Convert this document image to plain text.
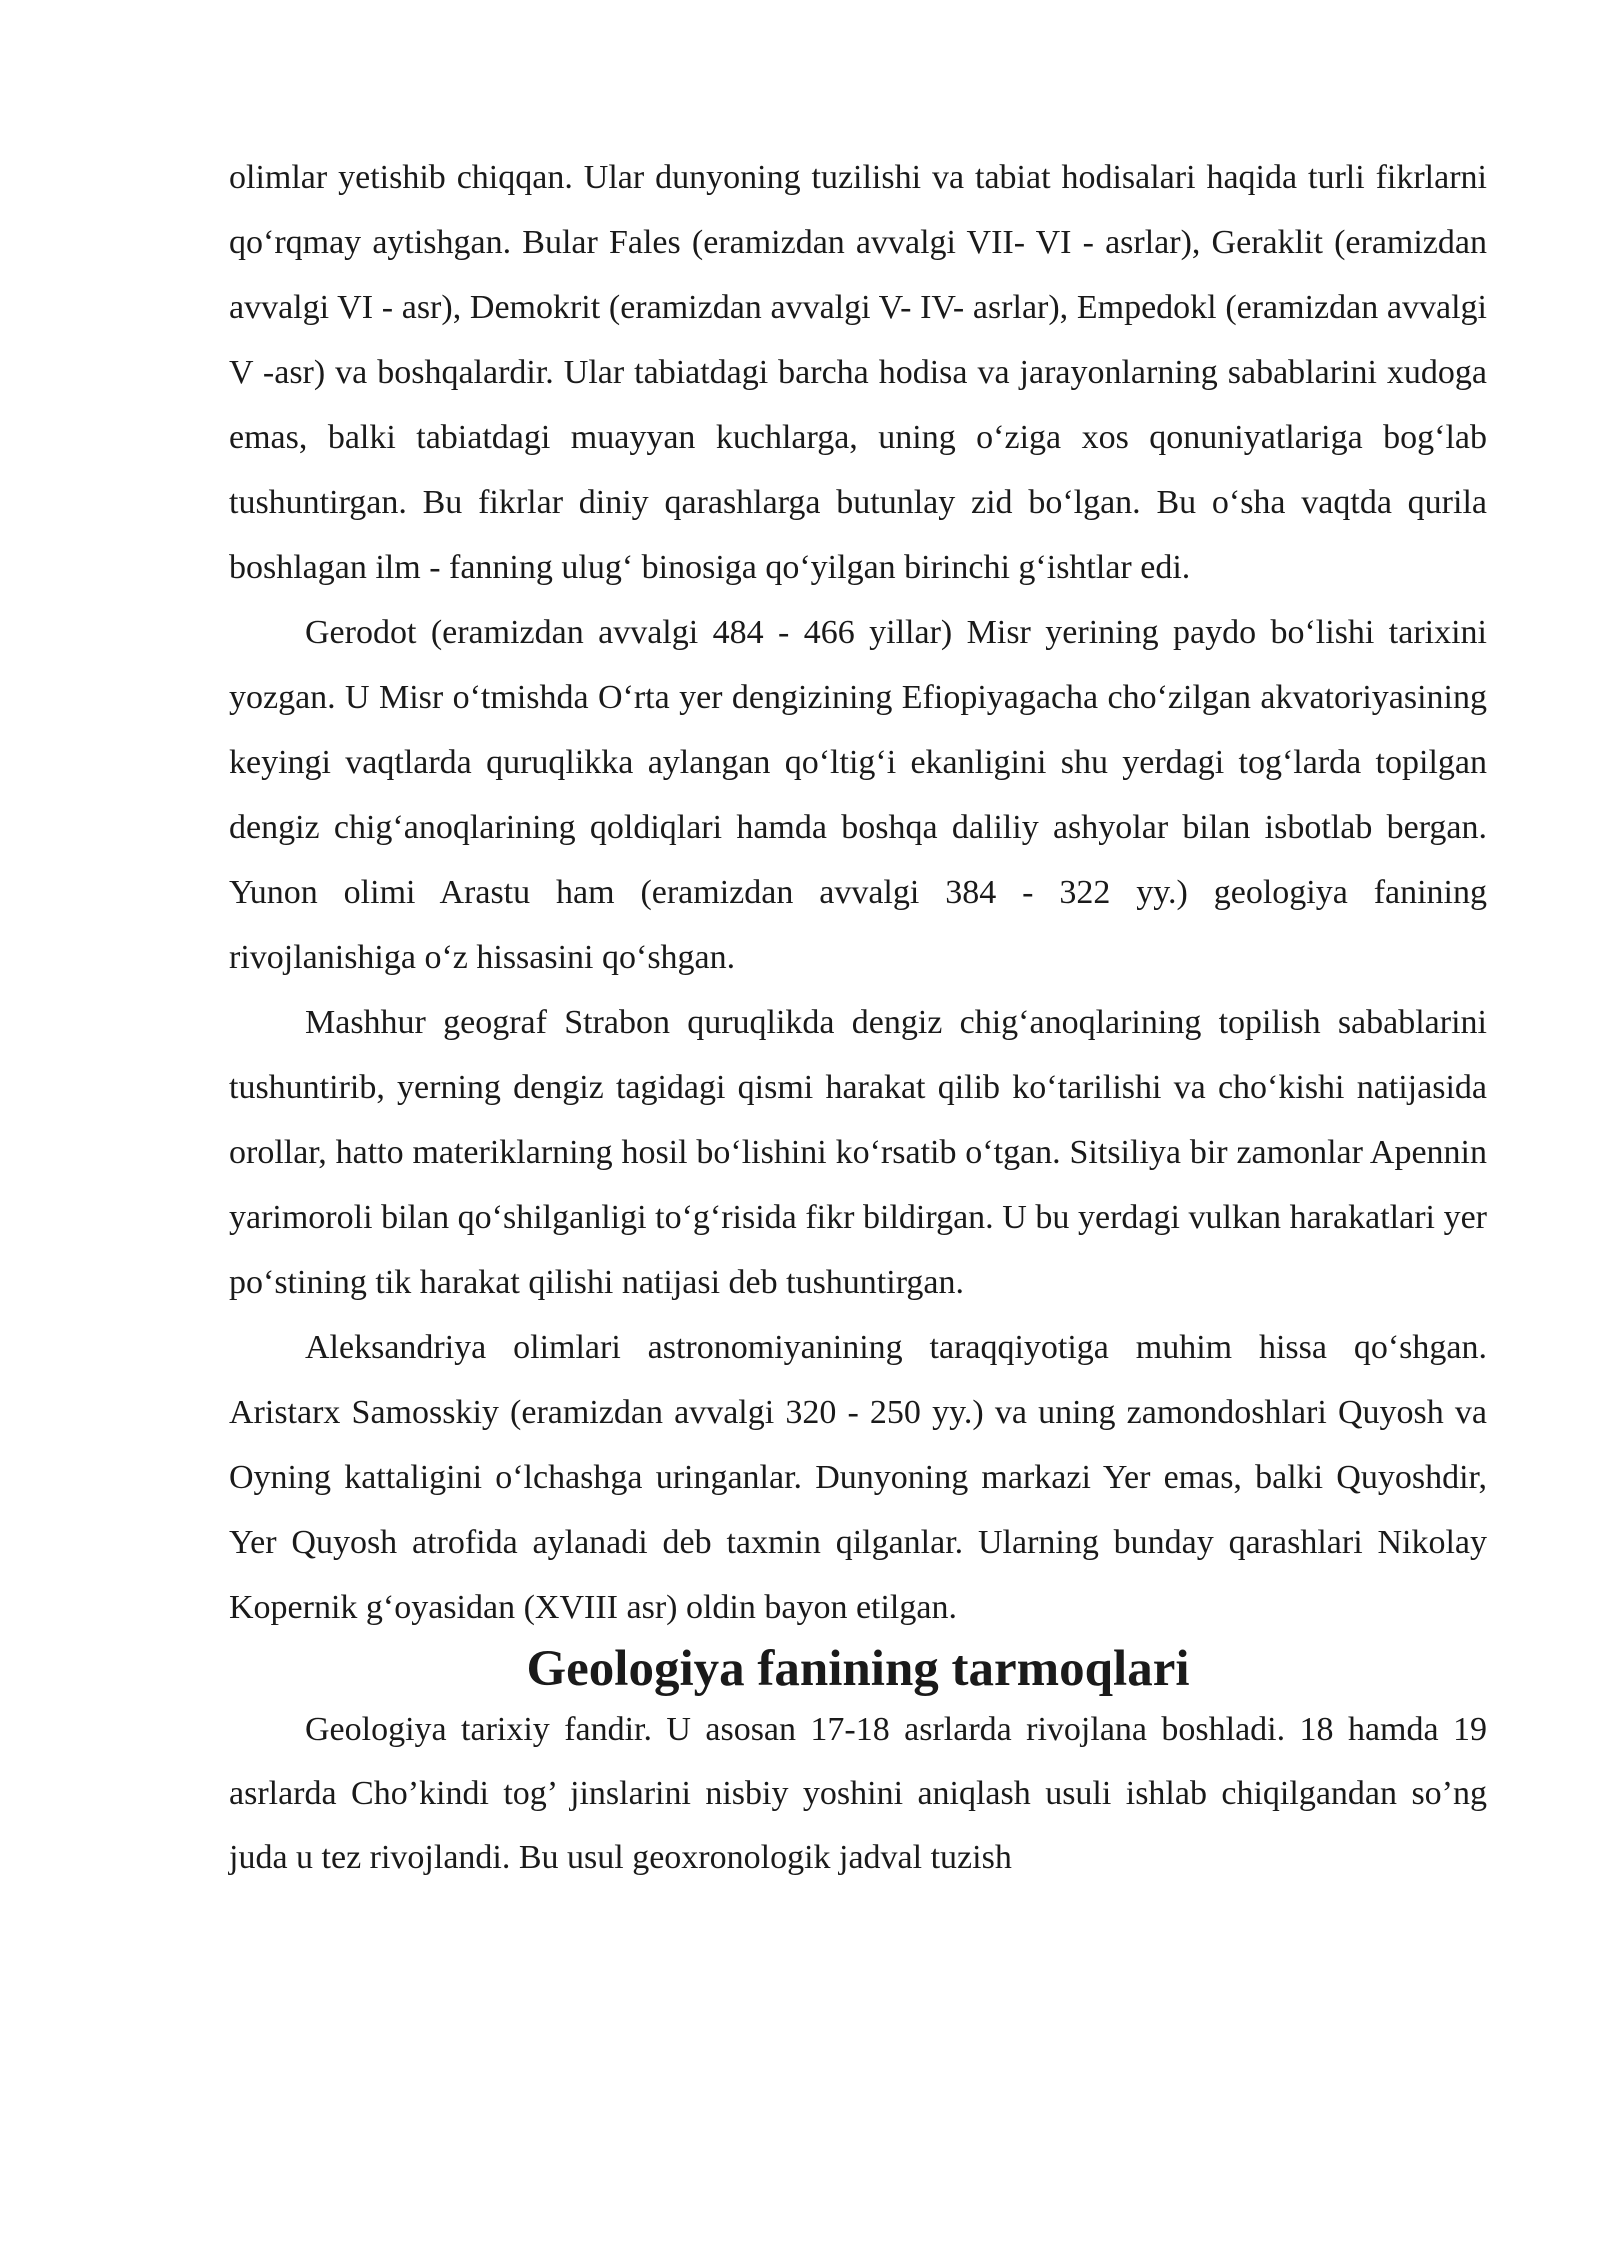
olimlar yetishib chiqqan. Ular dunyoning tuzilishi va tabiat hodisalari haqida turli fikrlarni qo‘rqmay aytishgan. Bular Fales (eramizdan avvalgi VII- VI - asrlar), Geraklit (eramizdan avvalgi VI - asr), Demokrit (eramizdan avvalgi V- IV- asrlar), Empedokl (eramizdan avvalgi V -asr) va boshqalardir. Ular tabiatdagi barcha hodisa va jarayonlarning sabablarini xudoga emas, balki tabiatdagi muayyan kuchlarga, uning o‘ziga xos qonuniyatlariga bog‘lab tushuntirgan. Bu fikrlar diniy qarashlarga butunlay zid bo‘lgan. Bu o‘sha vaqtda qurila boshlagan ilm - fanning ulug‘ binosiga qo‘yilgan birinchi g‘ishtlar edi.

Gerodot (eramizdan avvalgi 484 - 466 yillar) Misr yerining paydo bo‘lishi tarixini yozgan. U Misr o‘tmishda O‘rta yer dengizining Efiopiyagacha cho‘zilgan akvatoriyasining keyingi vaqtlarda quruqlikka aylangan qo‘ltig‘i ekanligini shu yerdagi tog‘larda topilgan dengiz chig‘anoqlarining qoldiqlari hamda boshqa daliliy ashyolar bilan isbotlab bergan. Yunon olimi Arastu ham (eramizdan avvalgi 384 - 322 yy.) geologiya fanining rivojlanishiga o‘z hissasini qo‘shgan.

Mashhur geograf Strabon quruqlikda dengiz chig‘anoqlarining topilish sabablarini tushuntirib, yerning dengiz tagidagi qismi harakat qilib ko‘tarilishi va cho‘kishi natijasida orollar, hatto materiklarning hosil bo‘lishini ko‘rsatib o‘tgan. Sitsiliya bir zamonlar Apennin yarimoroli bilan qo‘shilganligi to‘g‘risida fikr bildirgan. U bu yerdagi vulkan harakatlari yer po‘stining tik harakat qilishi natijasi deb tushuntirgan.

Aleksandriya olimlari astronomiyanining taraqqiyotiga muhim hissa qo‘shgan. Aristarx Samosskiy (eramizdan avvalgi 320 - 250 yy.) va uning zamondoshlari Quyosh va Oyning kattaligini o‘lchashga uringanlar. Dunyoning markazi Yer emas, balki Quyoshdir, Yer Quyosh atrofida aylanadi deb taxmin qilganlar. Ularning bunday qarashlari Nikolay Kopernik g‘oyasidan (XVIII asr) oldin bayon etilgan.

Geologiya fanining tarmoqlari

Geologiya tarixiy fandir. U asosan 17-18 asrlarda rivojlana boshladi. 18 hamda 19 asrlarda Cho’kindi tog’ jinslarini nisbiy yoshini aniqlash usuli ishlab chiqilgandan so’ng juda u tez rivojlandi. Bu usul geoxronologik jadval tuzish
